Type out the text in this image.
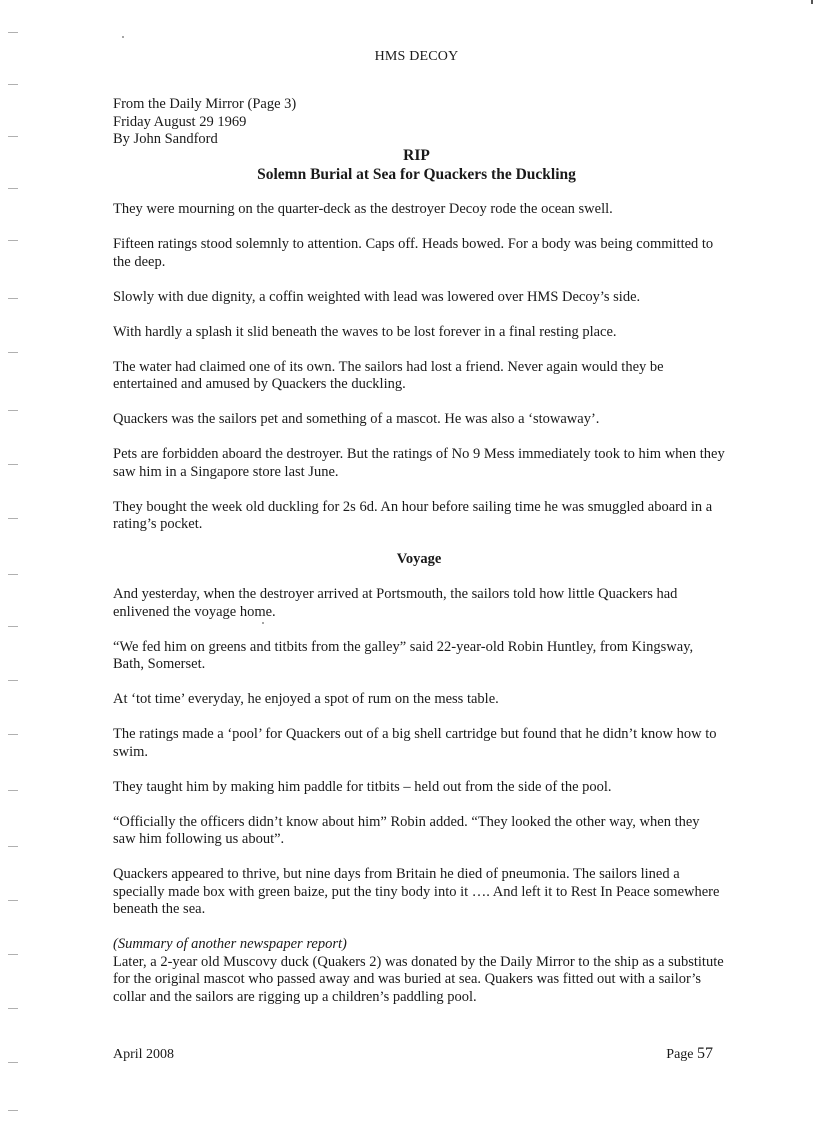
HMS DECOY
From the Daily Mirror (Page 3)
Friday August 29 1969
By John Sandford
RIP
Solemn Burial at Sea for Quackers the Duckling

They were mourning on the quarter-deck as the destroyer Decoy rode the ocean swell.

Fifteen ratings stood solemnly to attention. Caps off. Heads bowed. For a body was being committed to the deep.

Slowly with due dignity, a coffin weighted with lead was lowered over HMS Decoy’s side.

With hardly a splash it slid beneath the waves to be lost forever in a final resting place.

The water had claimed one of its own. The sailors had lost a friend. Never again would they be entertained and amused by Quackers the duckling.

Quackers was the sailors pet and something of a mascot. He was also a ‘stowaway’.

Pets are forbidden aboard the destroyer. But the ratings of No 9 Mess immediately took to him when they saw him in a Singapore store last June.

They bought the week old duckling for 2s 6d. An hour before sailing time he was smuggled aboard in a rating’s pocket.

Voyage

And yesterday, when the destroyer arrived at Portsmouth, the sailors told how little Quackers had enlivened the voyage home.

“We fed him on greens and titbits from the galley” said 22-year-old Robin Huntley, from Kingsway, Bath, Somerset.

At ‘tot time’ everyday, he enjoyed a spot of rum on the mess table.

The ratings made a ‘pool’ for Quackers out of a big shell cartridge but found that he didn’t know how to swim.

They taught him by making him paddle for titbits – held out from the side of the pool.

“Officially the officers didn’t know about him” Robin added. “They looked the other way, when they saw him following us about”.

Quackers appeared to thrive, but nine days from Britain he died of pneumonia. The sailors lined a specially made box with green baize, put the tiny body into it …. And left it to Rest In Peace somewhere beneath the sea.

(Summary of another newspaper report)

Later, a 2-year old Muscovy duck (Quakers 2) was donated by the Daily Mirror to the ship as a substitute for the original mascot who passed away and was buried at sea. Quakers was fitted out with a sailor’s collar and the sailors are rigging up a children’s paddling pool.

April 2008	Page 57
